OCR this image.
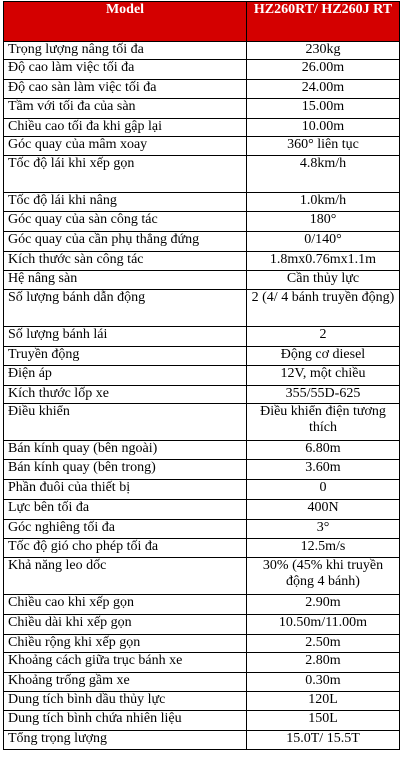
Model	HZ260RT/ HZ260J RT
Trọng lượng nâng tối đa	230kg
Độ cao làm việc tối đa	26.00m
Độ cao sàn làm việc tối đa	24.00m
Tầm với tối đa của sàn	15.00m
Chiều cao tối đa khi gập lại	10.00m
Góc quay của mâm xoay	360° liên tục
Tốc độ lái khi xếp gọn	4.8km/h
Tốc độ lái khi nâng	1.0km/h
Góc quay của sàn công tác	180°
Góc quay của cần phụ thẳng đứng	0/140°
Kích thước sàn công tác	1.8mx0.76mx1.1m
Hệ nâng sàn	Cần thủy lực
Số lượng bánh dẫn động	2 (4/ 4 bánh truyền động)
Số lượng bánh lái	2
Truyền động	Động cơ diesel
Điện áp	12V, một chiều
Kích thước lốp xe	355/55D-625
Điều khiển	Điều khiển điện tương thích
Bán kính quay (bên ngoài)	6.80m
Bán kính quay (bên trong)	3.60m
Phần đuôi của thiết bị	0
Lực bên tối đa	400N
Góc nghiêng tối đa	3°
Tốc độ gió cho phép tối đa	12.5m/s
Khả năng leo dốc	30% (45% khi truyền động 4 bánh)
Chiều cao khi xếp gọn	2.90m
Chiều dài khi xếp gọn	10.50m/11.00m
Chiều rộng khi xếp gọn	2.50m
Khoảng cách giữa trục bánh xe	2.80m
Khoảng trống gầm xe	0.30m
Dung tích bình dầu thủy lực	120L
Dung tích bình chứa nhiên liệu	150L
Tổng trọng lượng	15.0T/ 15.5T
